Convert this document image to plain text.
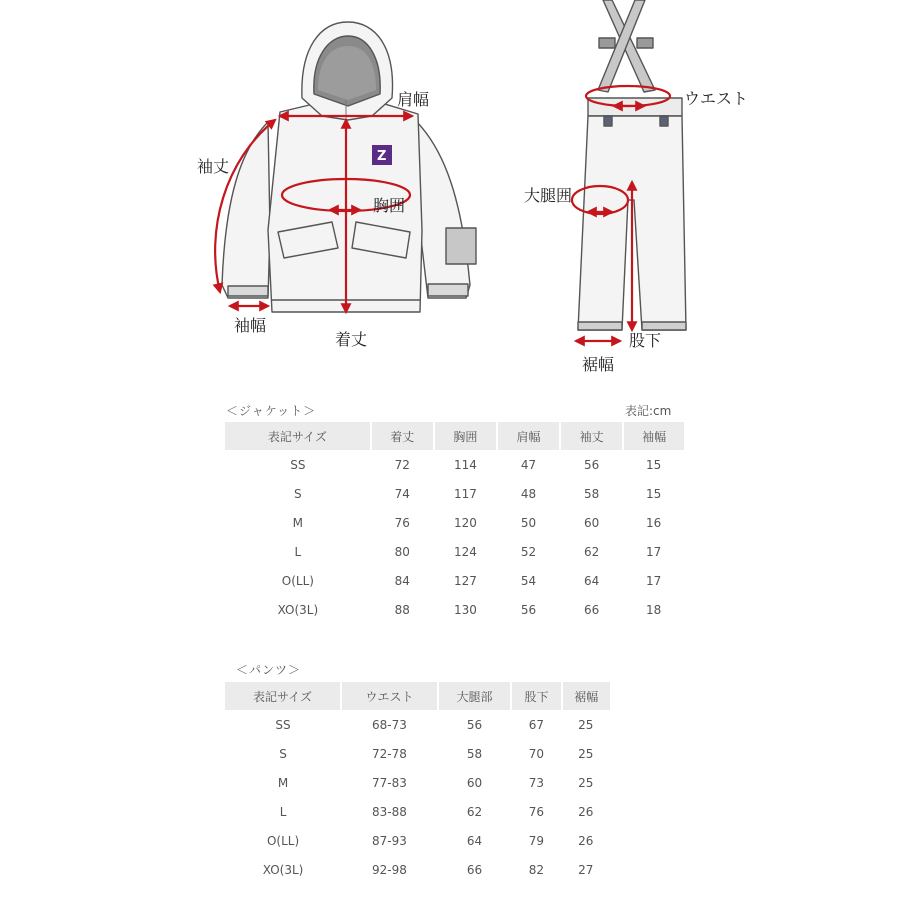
Z
肩幅
袖丈
胸囲
袖幅
着丈
ウエスト
大腿囲
股下
裾幅
＜ジャケット＞	表記:cm
表記サイズ	着丈	胸囲	肩幅	袖丈	袖幅
SS	72	114	47	56	15
S	74	117	48	58	15
M	76	120	50	60	16
L	80	124	52	62	17
O(LL)	84	127	54	64	17
XO(3L)	88	130	56	66	18
＜パンツ＞
表記サイズ	ウエスト	大腿部	股下	裾幅
SS	68-73	56	67	25
S	72-78	58	70	25
M	77-83	60	73	25
L	83-88	62	76	26
O(LL)	87-93	64	79	26
XO(3L)	92-98	66	82	27
